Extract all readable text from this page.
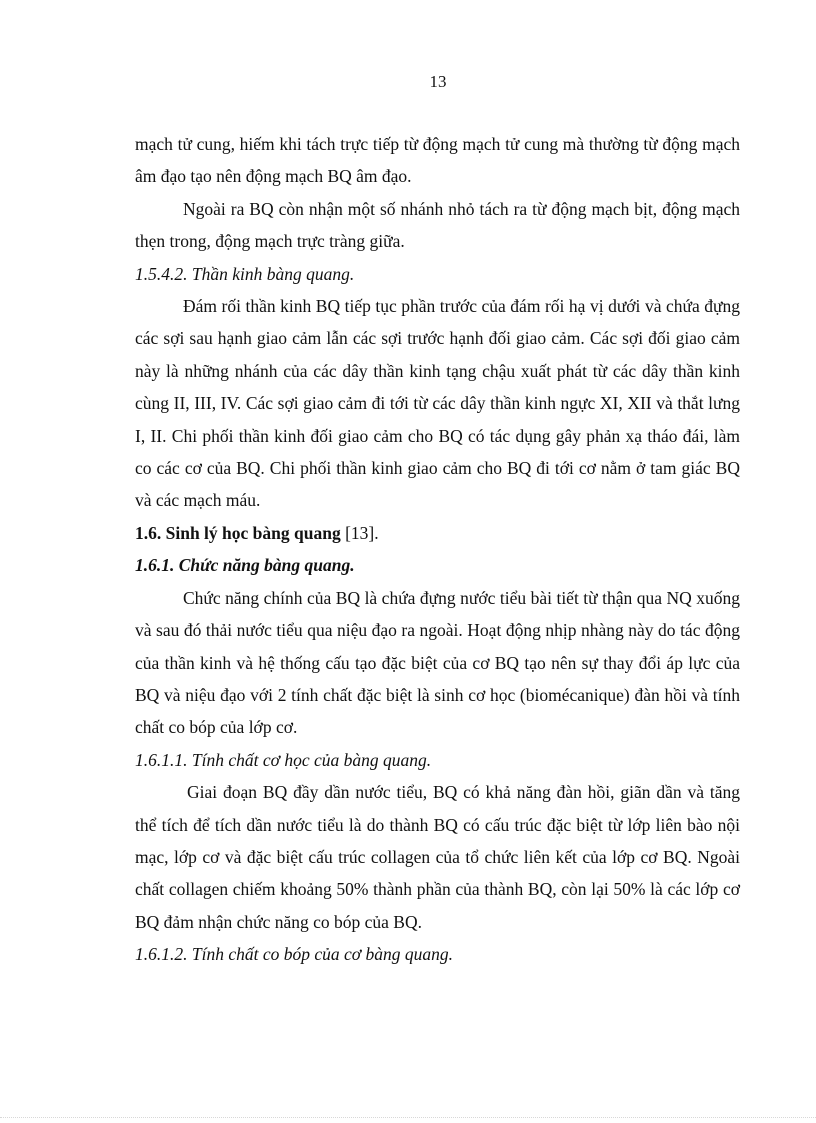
13

mạch tử cung, hiếm khi tách trực tiếp từ động mạch tử cung mà thường từ động mạch âm đạo tạo nên động mạch BQ âm đạo.

Ngoài ra BQ còn nhận một số nhánh nhỏ tách ra từ động mạch bịt, động mạch thẹn trong, động mạch trực tràng giữa.

1.5.4.2. Thần kinh bàng quang.

Đám rối thần kinh BQ tiếp tục phần trước của đám rối hạ vị dưới và chứa đựng các sợi sau hạnh giao cảm lẫn các sợi trước hạnh đối giao cảm. Các sợi đối giao cảm này là những nhánh của các dây thần kinh tạng chậu xuất phát từ các dây thần kinh cùng II, III, IV. Các sợi giao cảm đi tới từ các dây thần kinh ngực XI, XII và thắt lưng I, II. Chi phối thần kinh đối giao cảm cho BQ có tác dụng gây phản xạ tháo đái, làm co các cơ của BQ. Chi phối thần kinh giao cảm cho BQ đi tới cơ nằm ở tam giác BQ và các mạch máu.

1.6. Sinh lý học bàng quang [13].

1.6.1. Chức năng bàng quang.

Chức năng chính của BQ là chứa đựng nước tiểu bài tiết từ thận qua NQ xuống và sau đó thải nước tiểu qua niệu đạo ra ngoài. Hoạt động nhịp nhàng này do tác động của thần kinh và hệ thống cấu tạo đặc biệt của cơ BQ tạo nên sự thay đổi áp lực của BQ và niệu đạo với 2 tính chất đặc biệt là sinh cơ học (biomécanique) đàn hồi và tính chất co bóp của lớp cơ.

1.6.1.1. Tính chất cơ học của bàng quang.

Giai đoạn BQ đầy dần nước tiểu, BQ có khả năng đàn hồi, giãn dần và tăng thể tích để tích dần nước tiểu là do thành BQ có cấu trúc đặc biệt từ lớp liên bào nội mạc, lớp cơ và đặc biệt cấu trúc collagen của tổ chức liên kết của lớp cơ BQ. Ngoài chất collagen chiếm khoảng 50% thành phần của thành BQ, còn lại 50% là các lớp cơ BQ đảm nhận chức năng co bóp của BQ.

1.6.1.2. Tính chất co bóp của cơ bàng quang.
